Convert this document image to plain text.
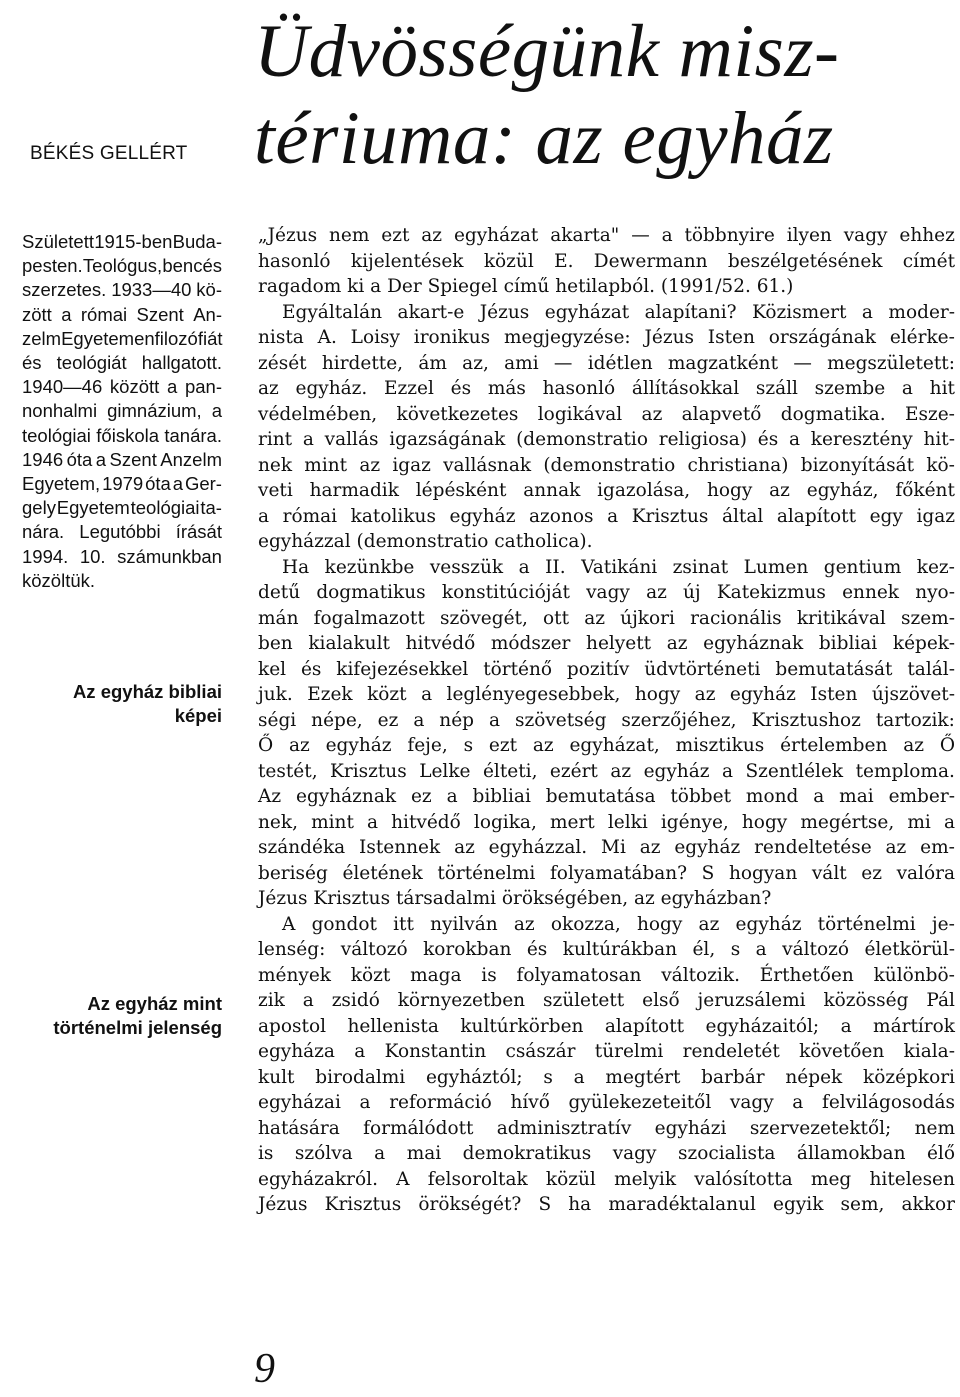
BÉKÉS GELLÉRT
Üdvösségünk misz-
tériuma: az egyház
Született 1915-ben Buda-
pesten. Teológus, bencés
szerzetes. 1933—40 kö-
zött a római Szent An-
zelm Egyetemen filozófiát
és teológiát hallgatott.
1940—46 között a pan-
nonhalmi gimnázium, a
teológiai főiskola tanára.
1946 óta a Szent Anzelm
Egyetem, 1979 óta a Ger-
gely Egyetem teológiai ta-
nára. Legutóbbi írását
1994. 10. számunkban
közöltük.
Az egyház bibliai képei
Az egyház mint
történelmi jelenség
„Jézus nem ezt az egyházat akarta" — a többnyire ilyen vagy ehhez
hasonló kijelentések közül E. Dewermann beszélgetésének címét
ragadom ki a Der Spiegel című hetilapból. (1991/52. 61.)
Egyáltalán akart-e Jézus egyházat alapítani? Közismert a moder-
nista A. Loisy ironikus megjegyzése: Jézus Isten országának elérke-
zését hirdette, ám az, ami — idétlen magzatként — megszületett:
az egyház. Ezzel és más hasonló állításokkal száll szembe a hit
védelmében, következetes logikával az alapvető dogmatika. Esze-
rint a vallás igazságának (demonstratio religiosa) és a keresztény hit-
nek mint az igaz vallásnak (demonstratio christiana) bizonyítását kö-
veti harmadik lépésként annak igazolása, hogy az egyház, főként
a római katolikus egyház azonos a Krisztus által alapított egy igaz
egyházzal (demonstratio catholica).
Ha kezünkbe vesszük a II. Vatikáni zsinat Lumen gentium kez-
detű dogmatikus konstitúcióját vagy az új Katekizmus ennek nyo-
mán fogalmazott szövegét, ott az újkori racionális kritikával szem-
ben kialakult hitvédő módszer helyett az egyháznak bibliai képek-
kel és kifejezésekkel történő pozitív üdvtörténeti bemutatását talál-
juk. Ezek közt a leglényegesebbek, hogy az egyház Isten újszövet-
ségi népe, ez a nép a szövetség szerzőjéhez, Krisztushoz tartozik:
Ő az egyház feje, s ezt az egyházat, misztikus értelemben az Ő
testét, Krisztus Lelke élteti, ezért az egyház a Szentlélek temploma.
Az egyháznak ez a bibliai bemutatása többet mond a mai ember-
nek, mint a hitvédő logika, mert lelki igénye, hogy megértse, mi a
szándéka Istennek az egyházzal. Mi az egyház rendeltetése az em-
beriség életének történelmi folyamatában? S hogyan vált ez valóra
Jézus Krisztus társadalmi örökségében, az egyházban?
A gondot itt nyilván az okozza, hogy az egyház történelmi je-
lenség: változó korokban és kultúrákban él, s a változó életkörül-
mények közt maga is folyamatosan változik. Érthetően különbö-
zik a zsidó környezetben született első jeruzsálemi közösség Pál
apostol hellenista kultúrkörben alapított egyházaitól; a mártírok
egyháza a Konstantin császár türelmi rendeletét követően kiala-
kult birodalmi egyháztól; s a megtért barbár népek középkori
egyházai a reformáció hívő gyülekezeteitől vagy a felvilágosodás
hatására formálódott adminisztratív egyházi szervezetektől; nem
is szólva a mai demokratikus vagy szocialista államokban élő
egyházakról. A felsoroltak közül melyik valósította meg hitelesen
Jézus Krisztus örökségét? S ha maradéktalanul egyik sem, akkor
9
